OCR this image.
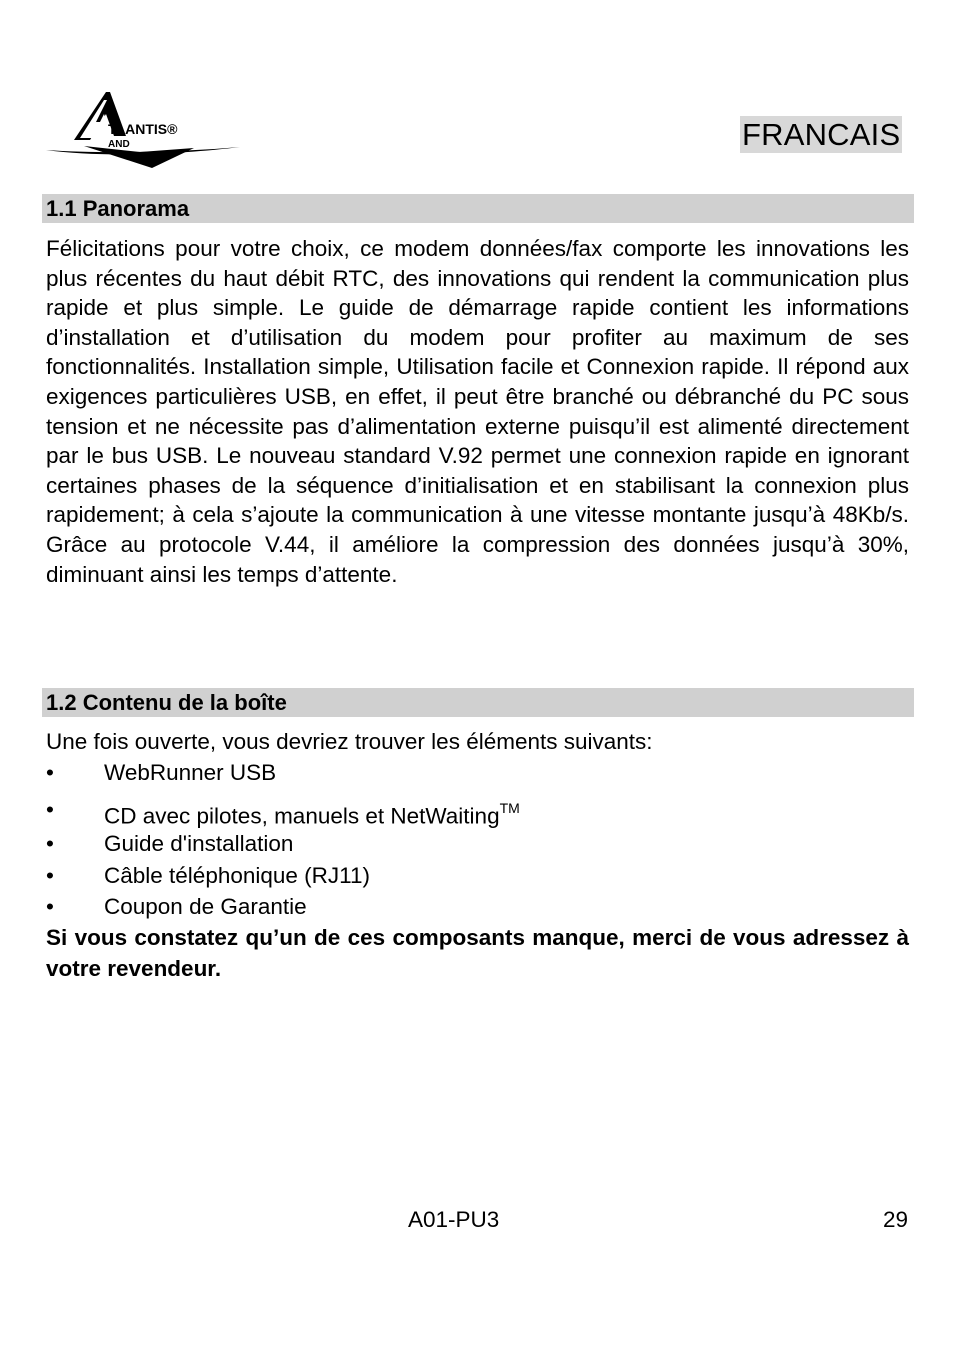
TLANTIS®
AND	FRANCAIS
1.1 Panorama

Félicitations pour votre choix, ce modem données/fax comporte les innovations les plus récentes du haut débit RTC, des innovations qui rendent la communication plus rapide et plus simple. Le guide de démarrage rapide contient les informations d’installation et d’utilisation du modem pour profiter au maximum de ses fonctionnalités. Installation simple, Utilisation facile et Connexion rapide. Il répond aux exigences particulières USB, en effet, il peut être branché ou débranché du PC sous tension et ne nécessite pas d’alimentation externe puisqu’il est alimenté directement par le bus USB. Le nouveau standard V.92 permet une connexion rapide en ignorant certaines phases de la séquence d’initialisation et en stabilisant la connexion plus rapidement; à cela s’ajoute la communication à une vitesse montante jusqu’à 48Kb/s. Grâce au protocole V.44, il améliore la compression des données jusqu’à 30%, diminuant ainsi les temps d’attente.

1.2 Contenu de la boîte
Une fois ouverte, vous devriez trouver les éléments suivants:
• WebRunner USB
• CD avec pilotes, manuels et NetWaiting™
• Guide d'installation
• Câble téléphonique (RJ11)
• Coupon de Garantie

Si vous constatez qu’un de ces composants manque, merci de vous adressez à votre revendeur.

A01-PU3	29
